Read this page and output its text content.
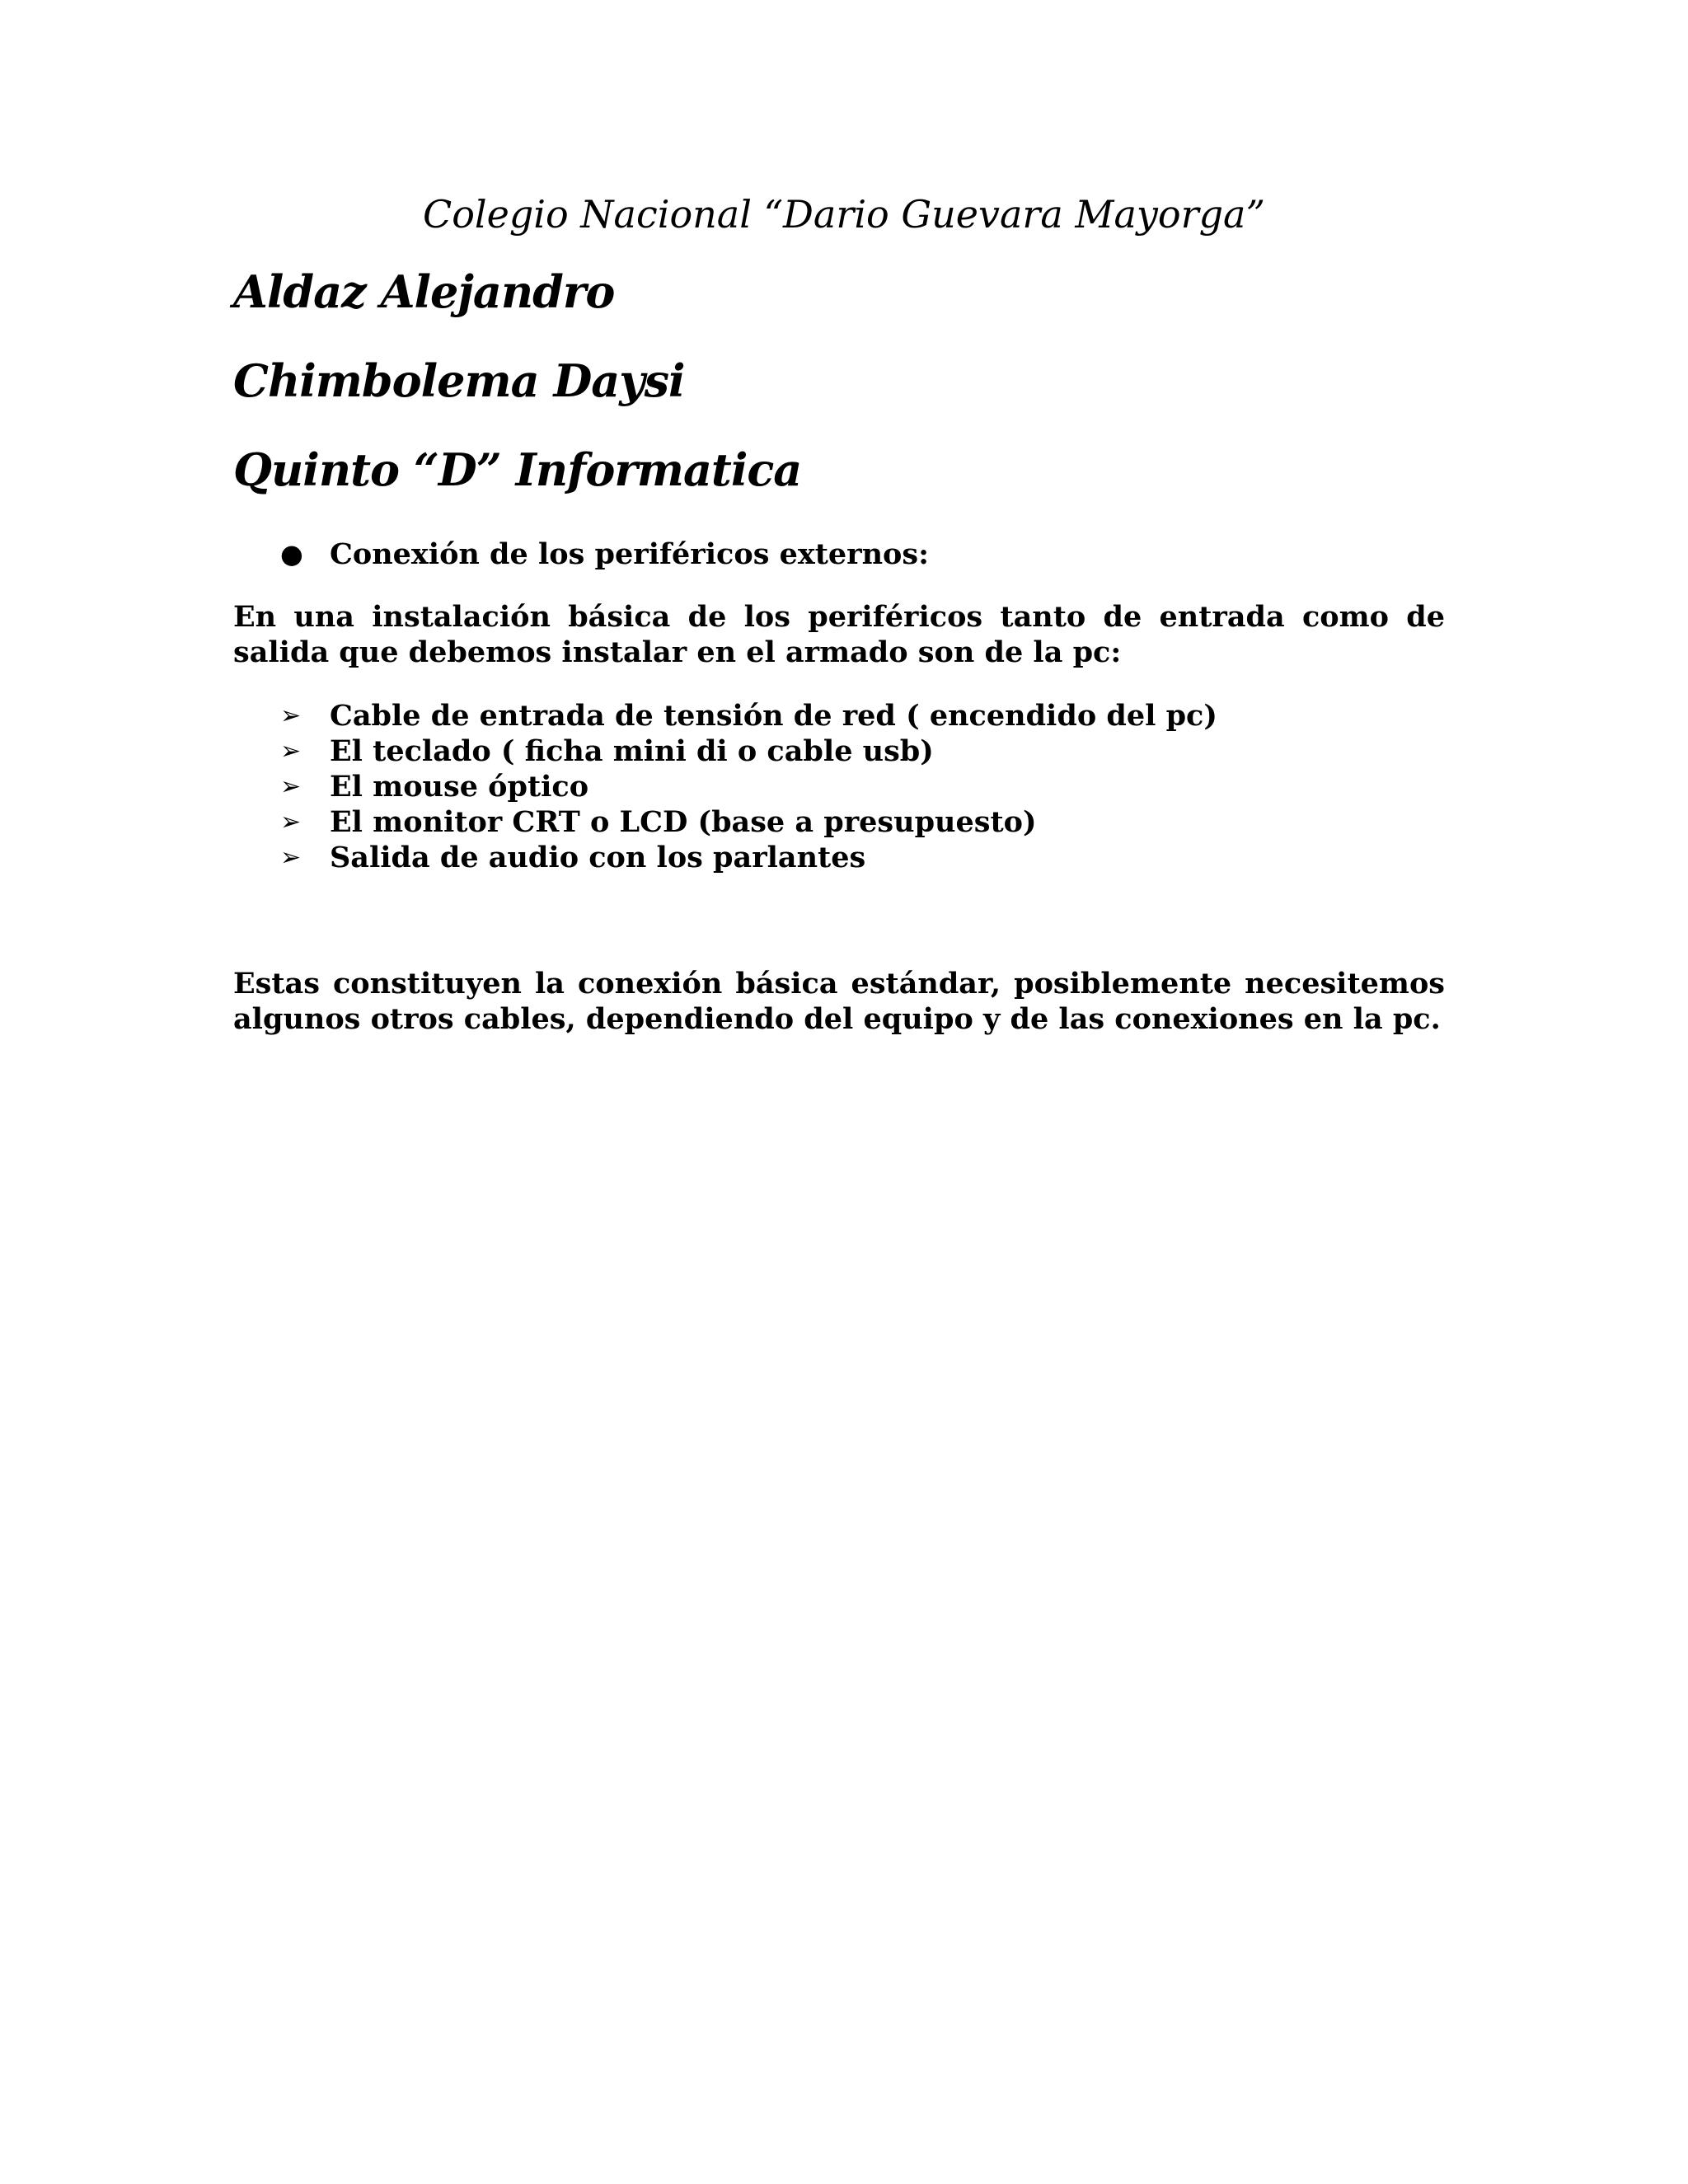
Colegio Nacional “Dario Guevara Mayorga”
Aldaz Alejandro
Chimbolema Daysi
Quinto “D” Informatica
● Conexión de los periféricos externos:
En una instalación básica de los periféricos tanto de entrada como de salida que debemos instalar en el armado son de la pc:
➢ Cable de entrada de tensión de red ( encendido del pc)
➢ El teclado ( ficha mini di o cable usb)
➢ El mouse óptico
➢ El monitor CRT o LCD (base a presupuesto)
➢ Salida de audio con los parlantes
Estas constituyen la conexión básica estándar, posiblemente necesitemos algunos otros cables, dependiendo del equipo y de las conexiones en la pc.
